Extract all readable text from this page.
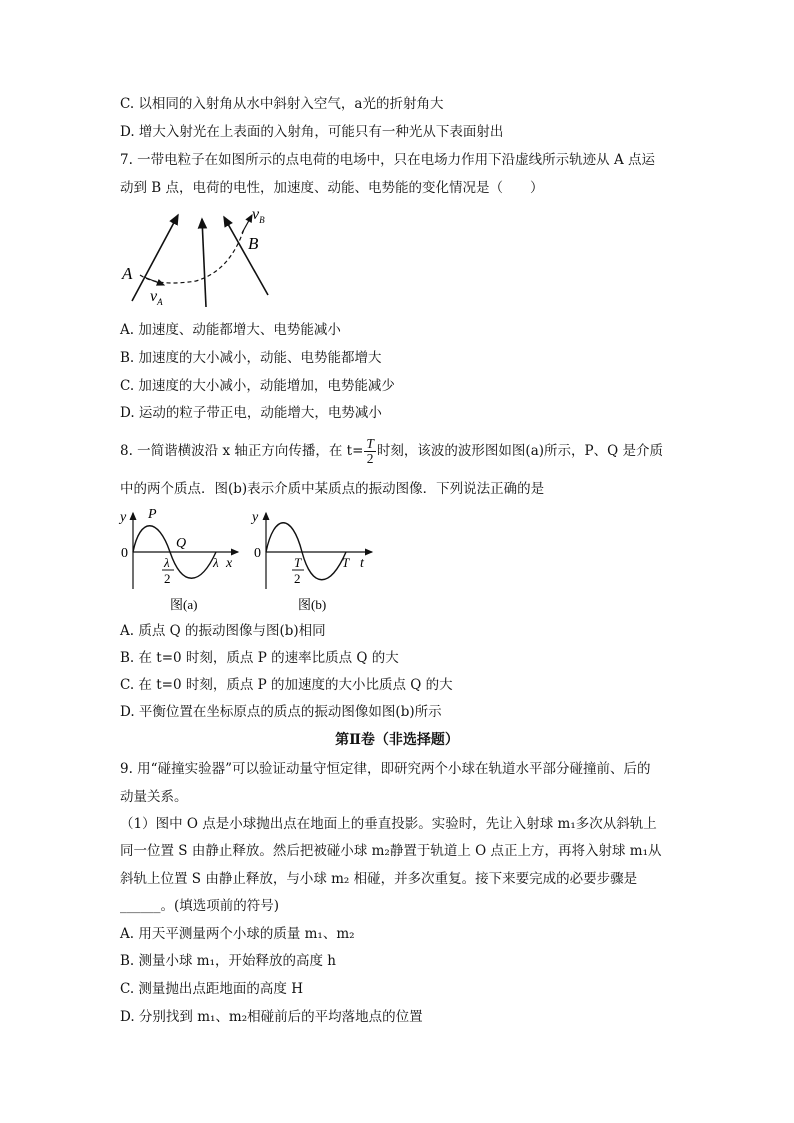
C. 以相同的入射角从水中斜射入空气，a光的折射角大
D. 增大入射光在上表面的入射角，可能只有一种光从下表面射出
7. 一带电粒子在如图所示的点电荷的电场中，只在电场力作用下沿虚线所示轨迹从 A 点运
动到 B 点，电荷的电性，加速度、动能、电势能的变化情况是（　　）
A
B
$v_A$
$v_B$
A. 加速度、动能都增大、电势能减小
B. 加速度的大小减小，动能、电势能都增大
C. 加速度的大小减小，动能增加，电势能减少
D. 运动的粒子带正电，动能增大，电势减小
8. 一简谐横波沿 x 轴正方向传播，在 $t= \frac{T}{2}$ 时刻，该波的波形图如图(a)所示，P、Q 是介质
中的两个质点．图(b)表示介质中某质点的振动图像．下列说法正确的是
y
0
P
Q
λ
2
λ x
图(a)
y
0
T
2
T t
图(b)
A. 质点 Q 的振动图像与图(b)相同
B. 在 t=0 时刻，质点 P 的速率比质点 Q 的大
C. 在 t=0 时刻，质点 P 的加速度的大小比质点 Q 的大
D. 平衡位置在坐标原点的质点的振动图像如图(b)所示
第Ⅱ卷（非选择题）
9. 用“碰撞实验器”可以验证动量守恒定律，即研究两个小球在轨道水平部分碰撞前、后的
动量关系。
（1）图中 O 点是小球抛出点在地面上的垂直投影。实验时，先让入射球 m₁多次从斜轨上
同一位置 S 由静止释放。然后把被碰小球 m₂静置于轨道上 O 点正上方，再将入射球 m₁从
斜轨上位置 S 由静止释放，与小球 m₂ 相碰，并多次重复。接下来要完成的必要步骤是
______。(填选项前的符号)
A. 用天平测量两个小球的质量 m₁、m₂
B. 测量小球 m₁，开始释放的高度 h
C. 测量抛出点距地面的高度 H
D. 分别找到 m₁、m₂相碰前后的平均落地点的位置
